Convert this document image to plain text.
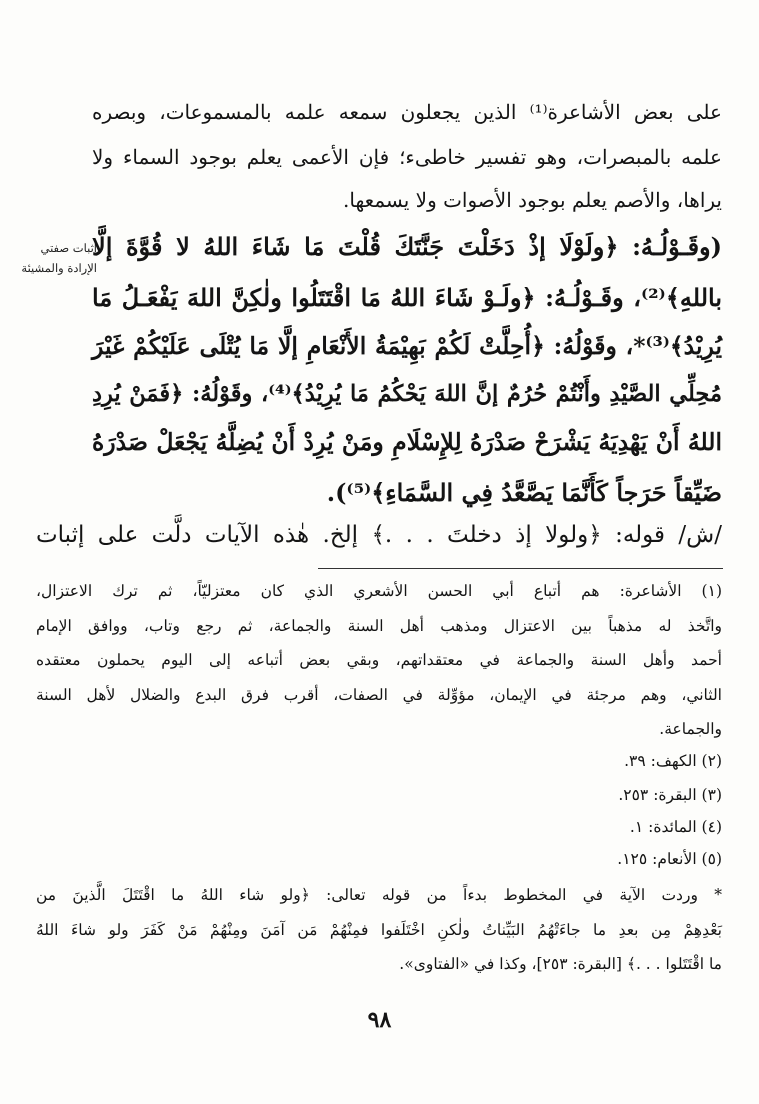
إثبات صفتي
الإرادة والمشيئة
على بعض الأشاعرة⁽¹⁾ الذين يجعلون سمعه علمه بالمسموعات، وبصره
علمه بالمبصرات، وهو تفسير خاطىء؛ فإن الأعمى يعلم بوجود السماء ولا
يراها، والأصم يعلم بوجود الأصوات ولا يسمعها.
(وقَـوْلُـهُ: ﴿ولَوْلَا إذْ دَخَلْتَ جَنَّتَكَ قُلْتَ مَا شَاءَ اللهُ لا قُوَّةَ إلَّا
باللهِ﴾⁽²⁾، وقَـوْلُـهُ: ﴿ولَـوْ شَاءَ اللهُ مَا اقْتَتَلُوا ولٰكِنَّ اللهَ يَفْعَـلُ مَا
يُرِيْدُ﴾⁽³⁾*، وقَوْلُهُ: ﴿أُحِلَّتْ لَكُمْ بَهِيْمَةُ الأَنْعَامِ إلَّا مَا يُتْلَى عَلَيْكُمْ غَيْرَ
مُحِلِّي الصَّيْدِ وأَنْتُمْ حُرُمٌ إنَّ اللهَ يَحْكُمُ مَا يُرِيْدُ﴾⁽⁴⁾، وقَوْلُهُ: ﴿فَمَنْ يُرِدِ
اللهُ أَنْ يَهْدِيَهُ يَشْرَحْ صَدْرَهُ لِلإِسْلَامِ ومَنْ يُرِدْ أَنْ يُضِلَّهُ يَجْعَلْ صَدْرَهُ
ضَيِّقاً حَرَجاً كَأَنَّمَا يَصَّعَّدُ فِي السَّمَاءِ﴾⁽⁵⁾).
/ش/ قوله: ﴿ولولا إذ دخلتَ . . .﴾ إلخ. هٰذه الآيات دلَّت على إثبات
(١) الأشاعرة: هم أتباع أبي الحسن الأشعري الذي كان معتزليّاً، ثم ترك الاعتزال،
واتَّخذ له مذهباً بين الاعتزال ومذهب أهل السنة والجماعة، ثم رجع وتاب، ووافق الإمام
أحمد وأهل السنة والجماعة في معتقداتهم، وبقي بعض أتباعه إلى اليوم يحملون معتقده
الثاني، وهم مرجئة في الإيمان، مؤوِّلة في الصفات، أقرب فرق البدع والضلال لأهل السنة
والجماعة.
(٢) الكهف: ٣٩.
(٣) البقرة: ٢٥٣.
(٤) المائدة: ١.
(٥) الأنعام: ١٢٥.
* وردت الآية في المخطوط بدءاً من قوله تعالى: ﴿ولو شاء اللهُ ما اقْتَتَلَ الَّذينَ من
بَعْدِهِمْ مِن بعدِ ما جاءَتْهُمُ البَيِّناتُ ولٰكنِ اخْتَلَفوا فمِنْهُمْ مَن آمَنَ ومِنْهُمْ مَنْ كَفَرَ ولو شاءَ اللهُ
ما اقْتَتَلوا . . .﴾ [البقرة: ٢٥٣]، وكذا في «الفتاوى».
٩٨
